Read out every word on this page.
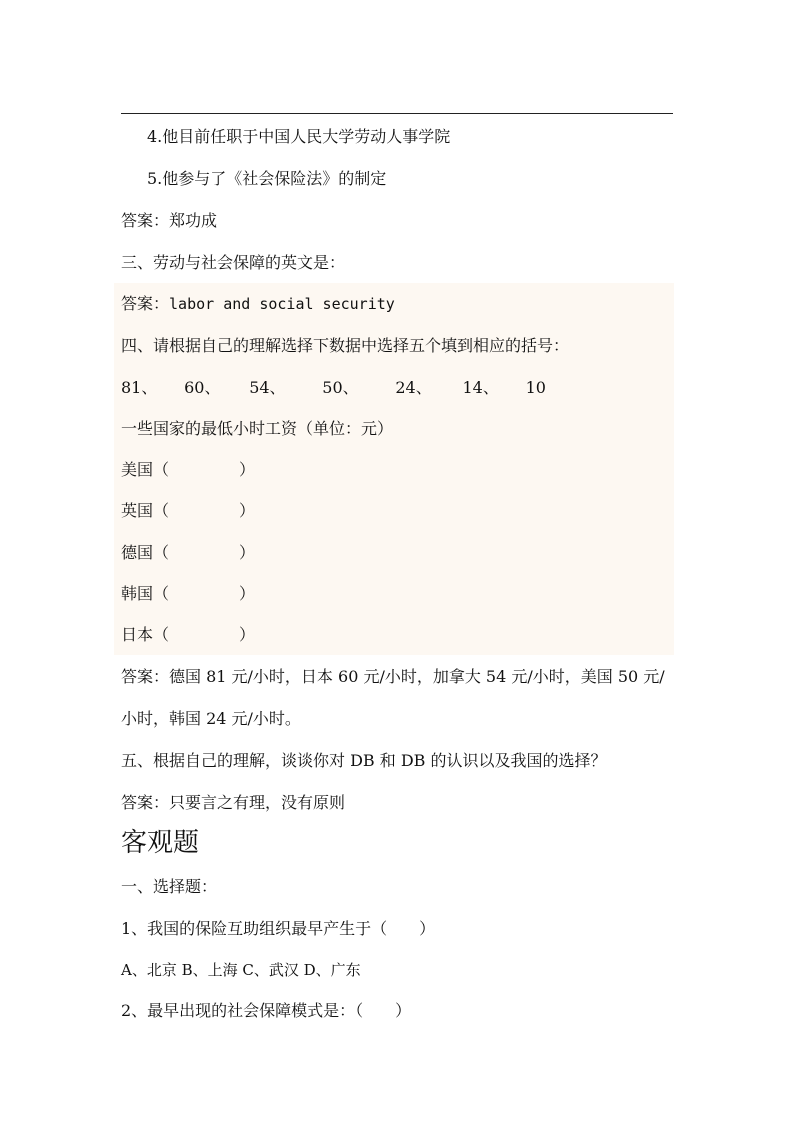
4.他目前任职于中国人民大学劳动人事学院
5.他参与了《社会保险法》的制定
答案：郑功成
三、劳动与社会保障的英文是：
答案：labor and social security
四、请根据自己的理解选择下数据中选择五个填到相应的括号：
81、 60、 54、 50、 24、 14、 10
一些国家的最低小时工资（单位：元）
美国（	）
英国（	）
德国（	）
韩国（	）
日本（	）
答案：德国 81 元/小时，日本 60 元/小时，加拿大 54 元/小时，美国 50 元/小时，韩国 24 元/小时。
五、根据自己的理解，谈谈你对 DB 和 DB 的认识以及我国的选择？
答案：只要言之有理，没有原则
客观题
一、选择题：
1、我国的保险互助组织最早产生于（　　）
A、北京 B、上海 C、武汉 D、广东
2、最早出现的社会保障模式是：（　　）
